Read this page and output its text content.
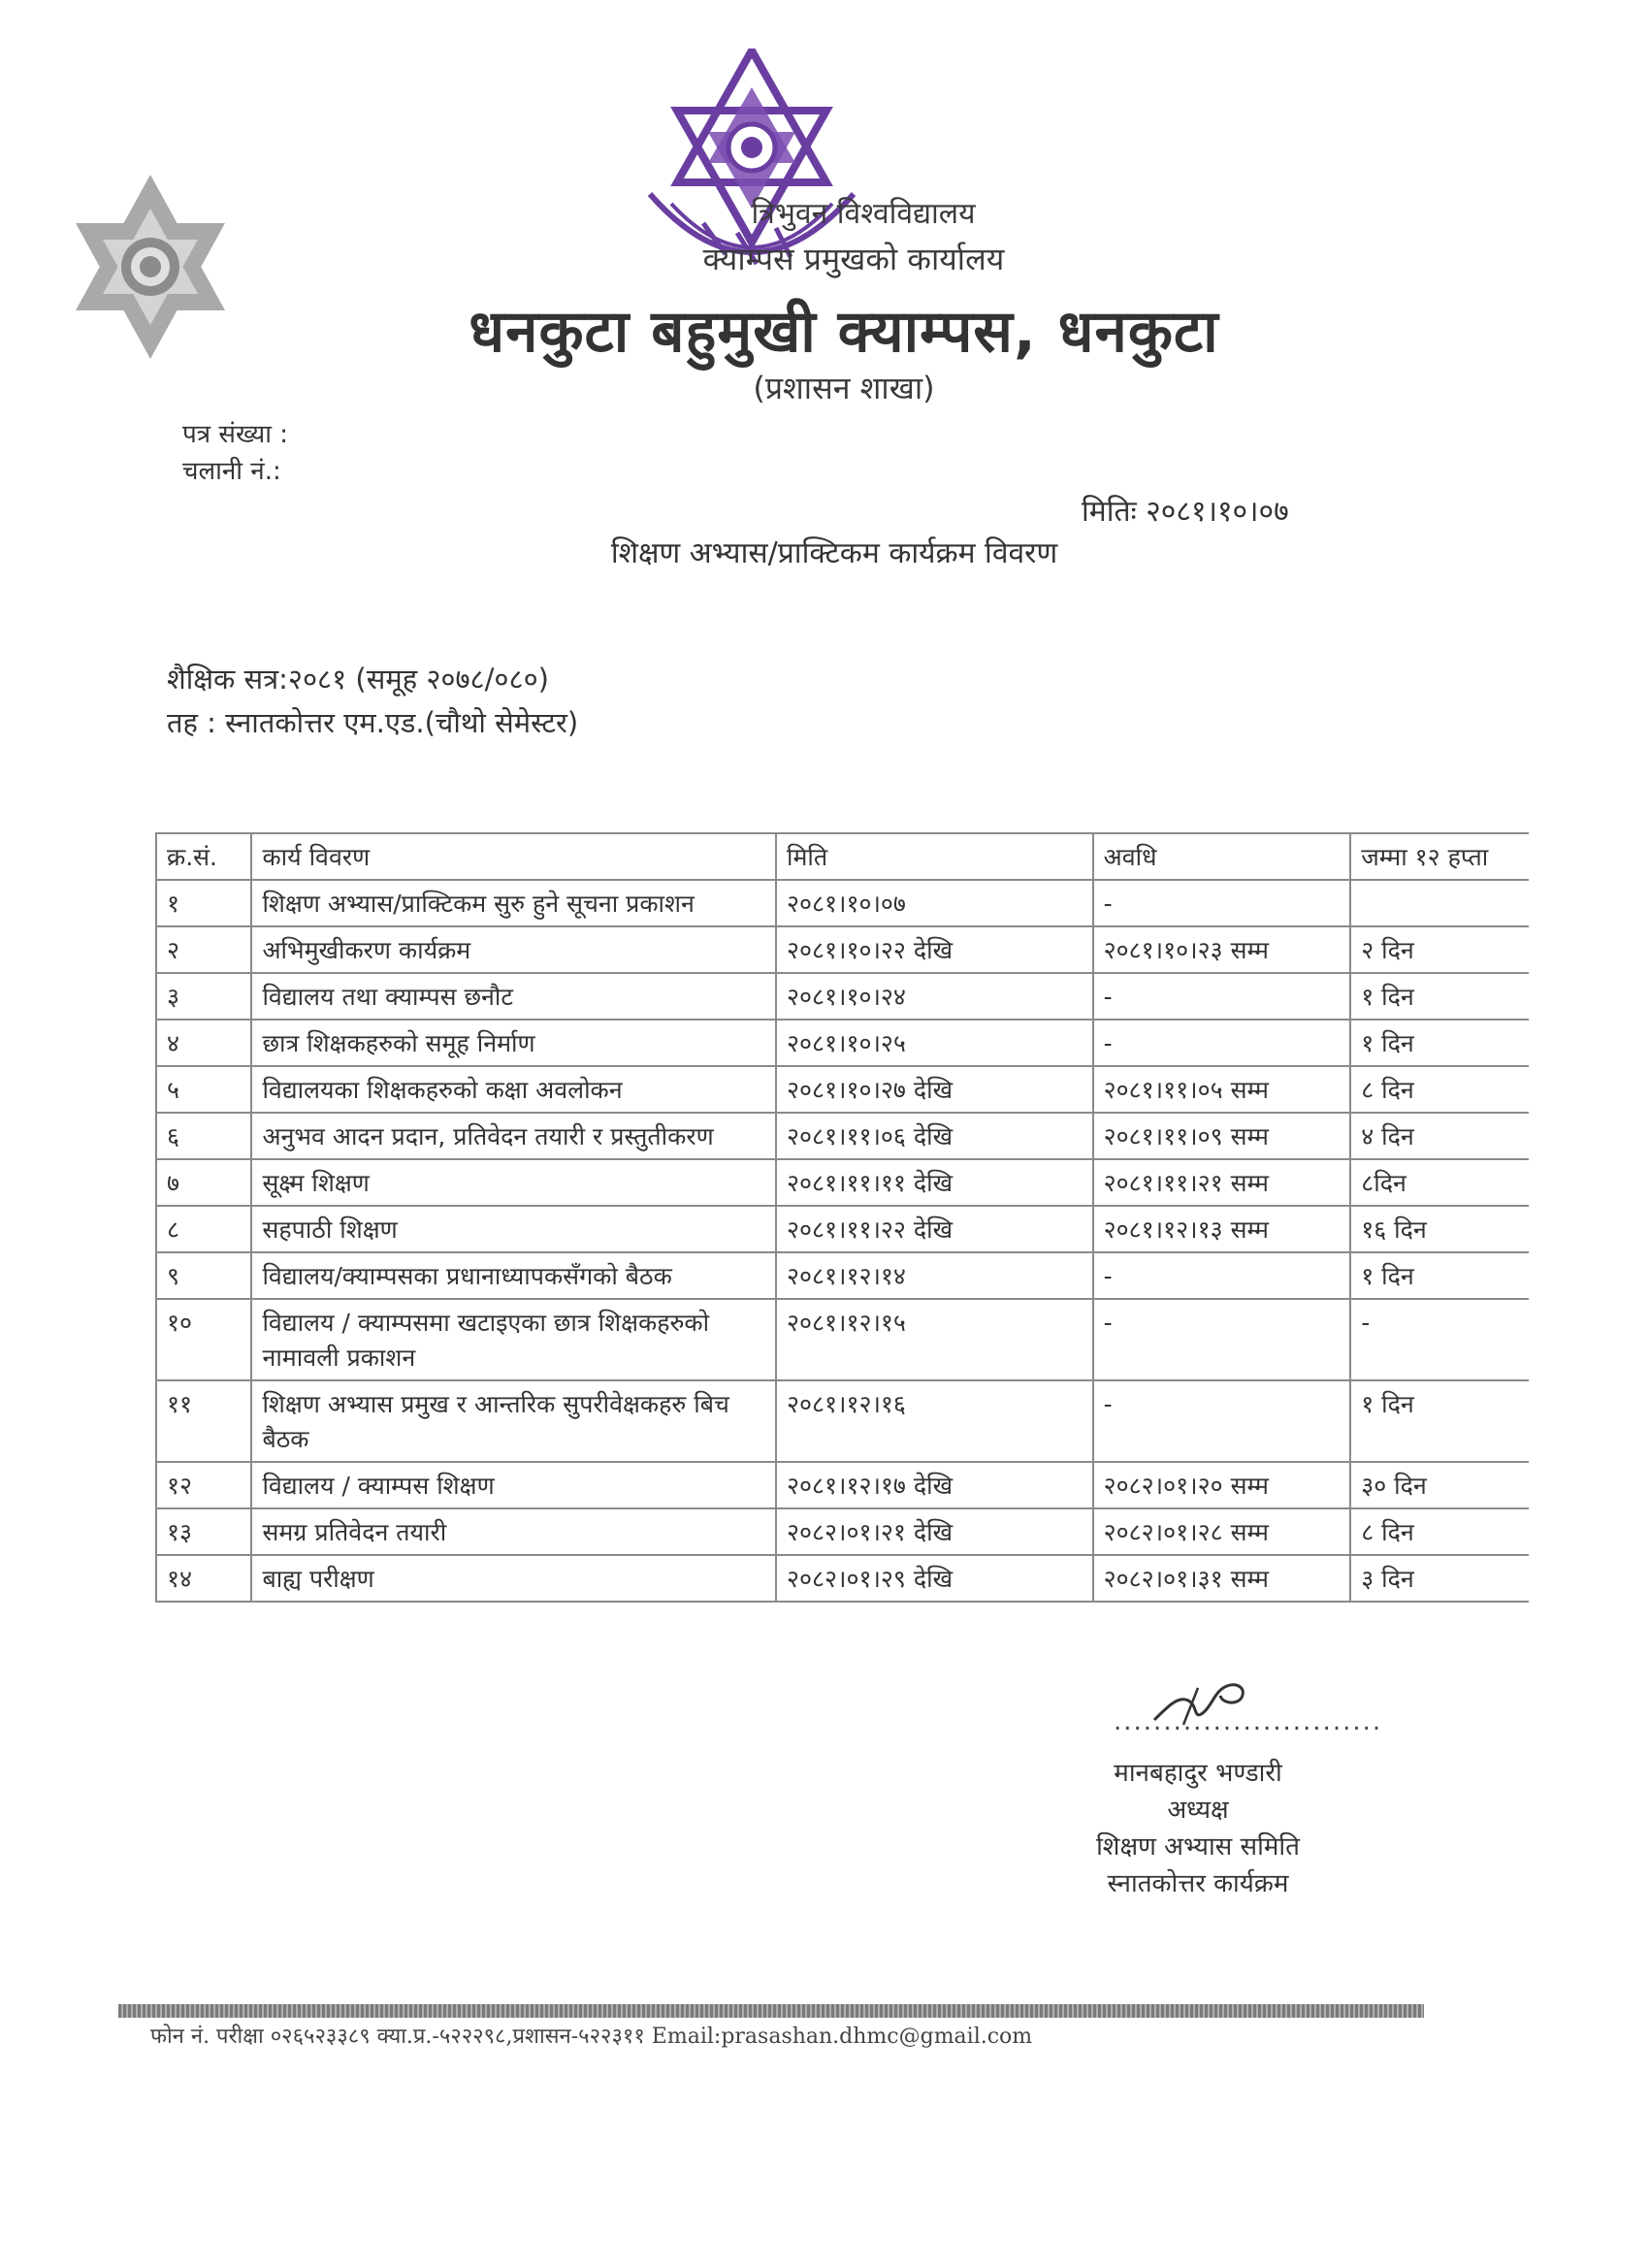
त्रिभुवन विश्वविद्यालय
क्याम्पस प्रमुखको कार्यालय
धनकुटा बहुमुखी क्याम्पस, धनकुटा
(प्रशासन शाखा)
पत्र संख्या :
चलानी नं.:
मितिः २०८१।१०।०७
शिक्षण अभ्यास/प्राक्टिकम कार्यक्रम विवरण
शैक्षिक सत्र:२०८१ (समूह २०७८/०८०)
तह : स्नातकोत्तर एम.एड.(चौथो सेमेस्टर)
क्र.सं.	कार्य विवरण	मिति	अवधि	जम्मा १२ हप्ता
१	शिक्षण अभ्यास/प्राक्टिकम सुरु हुने सूचना प्रकाशन	२०८१।१०।०७	-	
२	अभिमुखीकरण कार्यक्रम	२०८१।१०।२२ देखि	२०८१।१०।२३ सम्म	२ दिन
३	विद्यालय तथा क्याम्पस छनौट	२०८१।१०।२४	-	१ दिन
४	छात्र शिक्षकहरुको समूह निर्माण	२०८१।१०।२५	-	१ दिन
५	विद्यालयका शिक्षकहरुको कक्षा अवलोकन	२०८१।१०।२७ देखि	२०८१।११।०५ सम्म	८ दिन
६	अनुभव आदन प्रदान, प्रतिवेदन तयारी र प्रस्तुतीकरण	२०८१।११।०६ देखि	२०८१।११।०९ सम्म	४ दिन
७	सूक्ष्म शिक्षण	२०८१।११।११ देखि	२०८१।११।२१ सम्म	८दिन
८	सहपाठी शिक्षण	२०८१।११।२२ देखि	२०८१।१२।१३ सम्म	१६ दिन
९	विद्यालय/क्याम्पसका प्रधानाध्यापकसँगको बैठक	२०८१।१२।१४	-	१ दिन
१०	विद्यालय / क्याम्पसमा खटाइएका छात्र शिक्षकहरुको नामावली प्रकाशन	२०८१।१२।१५	-	-
११	शिक्षण अभ्यास प्रमुख र आन्तरिक सुपरीवेक्षकहरु बिच बैठक	२०८१।१२।१६	-	१ दिन
१२	विद्यालय / क्याम्पस शिक्षण	२०८१।१२।१७ देखि	२०८२।०१।२० सम्म	३० दिन
१३	समग्र प्रतिवेदन तयारी	२०८२।०१।२१ देखि	२०८२।०१।२८ सम्म	८ दिन
१४	बाह्य परीक्षण	२०८२।०१।२९ देखि	२०८२।०१।३१ सम्म	३ दिन
...........................
मानबहादुर भण्डारी
अध्यक्ष
शिक्षण अभ्यास समिति
स्नातकोत्तर कार्यक्रम
फोन नं. परीक्षा ०२६५२३३८९ क्या.प्र.-५२२२९८,प्रशासन-५२२३११ Email:prasashan.dhmc@gmail.com
